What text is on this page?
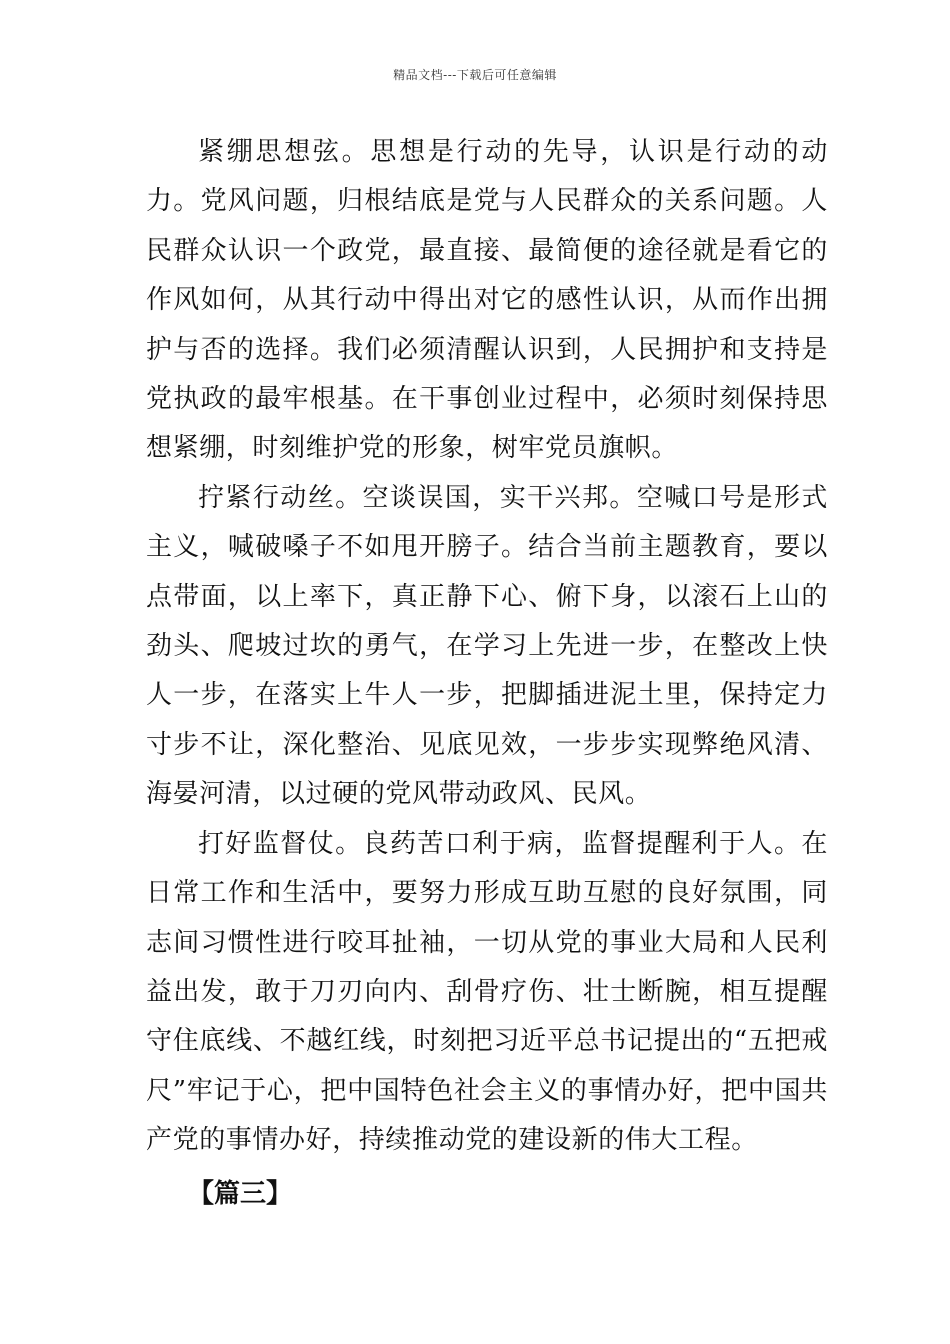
精品文档---下载后可任意编辑

紧绷思想弦。思想是行动的先导，认识是行动的动力。党风问题，归根结底是党与人民群众的关系问题。人民群众认识一个政党，最直接、最简便的途径就是看它的作风如何，从其行动中得出对它的感性认识，从而作出拥护与否的选择。我们必须清醒认识到，人民拥护和支持是党执政的最牢根基。在干事创业过程中，必须时刻保持思想紧绷，时刻维护党的形象，树牢党员旗帜。

拧紧行动丝。空谈误国，实干兴邦。空喊口号是形式主义，喊破嗓子不如甩开膀子。结合当前主题教育，要以点带面，以上率下，真正静下心、俯下身，以滚石上山的劲头、爬坡过坎的勇气，在学习上先进一步，在整改上快人一步，在落实上牛人一步，把脚插进泥土里，保持定力寸步不让，深化整治、见底见效，一步步实现弊绝风清、海晏河清，以过硬的党风带动政风、民风。

打好监督仗。良药苦口利于病，监督提醒利于人。在日常工作和生活中，要努力形成互助互慰的良好氛围，同志间习惯性进行咬耳扯袖，一切从党的事业大局和人民利益出发，敢于刀刃向内、刮骨疗伤、壮士断腕，相互提醒守住底线、不越红线，时刻把习近平总书记提出的“五把戒尺”牢记于心，把中国特色社会主义的事情办好，把中国共产党的事情办好，持续推动党的建设新的伟大工程。

【篇三】
